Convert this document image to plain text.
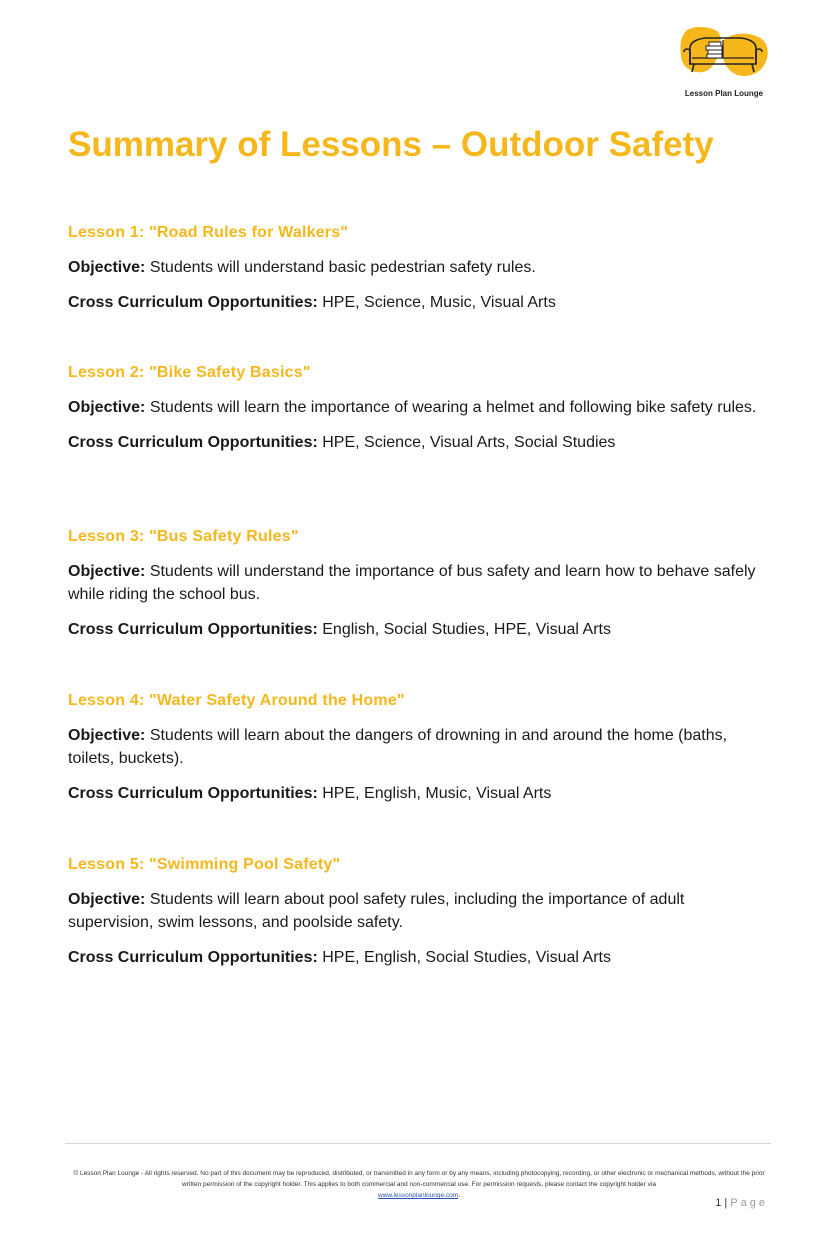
Lesson Plan Lounge
Summary of Lessons – Outdoor Safety
Lesson 1: "Road Rules for Walkers"

Objective: Students will understand basic pedestrian safety rules.

Cross Curriculum Opportunities: HPE, Science, Music, Visual Arts

Lesson 2: "Bike Safety Basics"

Objective: Students will learn the importance of wearing a helmet and following bike safety rules.

Cross Curriculum Opportunities: HPE, Science, Visual Arts, Social Studies

Lesson 3: "Bus Safety Rules"

Objective: Students will understand the importance of bus safety and learn how to behave safely while riding the school bus.

Cross Curriculum Opportunities: English, Social Studies, HPE, Visual Arts

Lesson 4: "Water Safety Around the Home"

Objective: Students will learn about the dangers of drowning in and around the home (baths, toilets, buckets).

Cross Curriculum Opportunities: HPE, English, Music, Visual Arts

Lesson 5: "Swimming Pool Safety"

Objective: Students will learn about pool safety rules, including the importance of adult supervision, swim lessons, and poolside safety.

Cross Curriculum Opportunities: HPE, English, Social Studies, Visual Arts

© Lesson Plan Lounge - All rights reserved. No part of this document may be reproduced, distributed, or transmitted in any form or by any means, including photocopying, recording, or other electronic or mechanical methods, without the prior written permission of the copyright holder. This applies to both commercial and non-commercial use. For permission requests, please contact the copyright holder via
www.lessonplanlounge.com.
1 | Page
